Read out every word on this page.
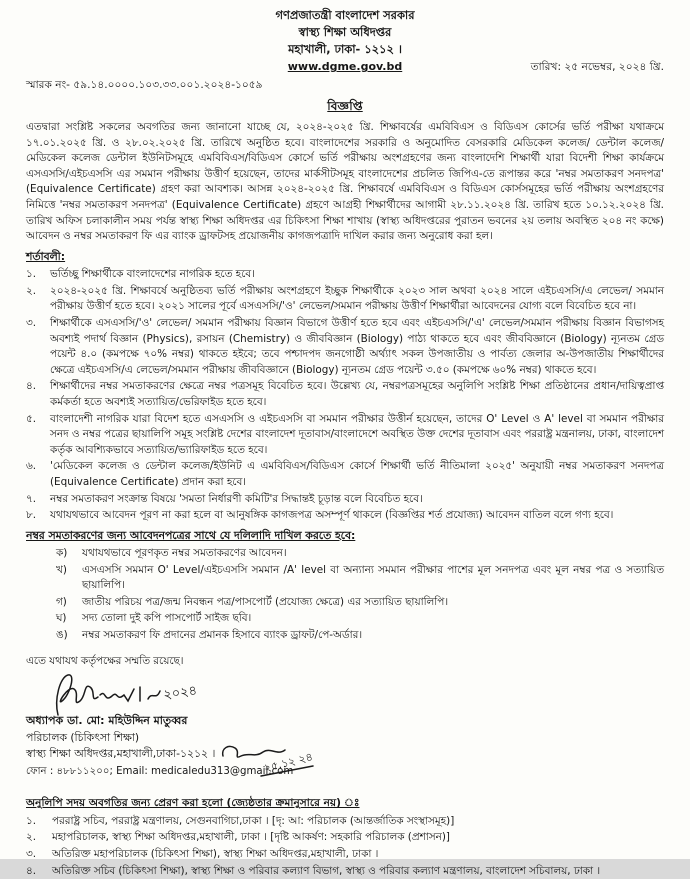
গণপ্রজাতন্ত্রী বাংলাদেশ সরকার
স্বাস্থ্য শিক্ষা অধিদপ্তর
মহাখালী, ঢাকা- ১২১২ ।
www.dgme.gov.bd	তারিখ: ২৫ নভেম্বর, ২০২৪ খ্রি.
স্মারক নং- ৫৯.১৪.০০০০.১০৩.৩৩.০০১.২০২৪-১০৫৯
বিজ্ঞপ্তি
এতদ্বারা সংশ্লিষ্ট সকলের অবগতির জন্য জানানো যাচ্ছে যে, ২০২৪-২০২৫ খ্রি. শিক্ষাবর্ষের এমবিবিএস ও বিডিএস কোর্সের ভর্তি পরীক্ষা যথাক্রমে ১৭.০১.২০২৫ খ্রি. ও ২৮.০২.২০২৫ খ্রি. তারিখে অনুষ্ঠিত হবে। বাংলাদেশের সরকারি ও অনুমোদিত বেসরকারি মেডিকেল কলেজ/ ডেন্টাল কলেজ/মেডিকেল কলেজ ডেন্টাল ইউনিটসমূহে এমবিবিএস/বিডিএস কোর্সে ভর্তি পরীক্ষায় অংশগ্রহণের জন্য বাংলাদেশি শিক্ষার্থী যারা বিদেশী শিক্ষা কার্যক্রমে এসএসসি/এইচএসসি এর সমমান পরীক্ষায় উত্তীর্ণ হয়েছেন, তাদের মার্কসীটসমূহ বাংলাদেশের প্রচলিত জিপিএ-তে রূপান্তর করে 'নম্বর সমতাকরণ সনদপত্র' (Equivalence Certificate) গ্রহণ করা আবশ্যক। আসন্ন ২০২৪-২০২৫ খ্রি. শিক্ষাবর্ষে এমবিবিএস ও বিডিএস কোর্সসমূহের ভর্তি পরীক্ষায় অংশগ্রহণের নিমিত্তে 'নম্বর সমতাকরণ সনদপত্র' (Equivalence Certificate) গ্রহণে আগ্রহী শিক্ষার্থীদের আগামী ২৮.১১.২০২৪ খ্রি. তারিখ হতে ১০.১২.২০২৪ খ্রি. তারিখ অফিস চলাকালীন সময় পর্যন্ত স্বাস্থ্য শিক্ষা অধিদপ্তর এর চিকিৎসা শিক্ষা শাখায় (স্বাস্থ্য অধিদপ্তরের পুরাতন ভবনের ২য় তলায় অবস্থিত ২০৪ নং কক্ষে) আবেদন ও নম্বর সমতাকরণ ফি এর ব্যাংক ড্রাফটসহ প্রয়োজনীয় কাগজপত্রাদি দাখিল করার জন্য অনুরোধ করা হল।
শর্তাবলী:
১.	ভর্তিচ্ছু শিক্ষার্থীকে বাংলাদেশের নাগরিক হতে হবে।
২.	২০২৪-২০২৫ খ্রি. শিক্ষাবর্ষে অনুষ্ঠিতব্য ভর্তি পরীক্ষায় অংশগ্রহণে ইচ্ছুক শিক্ষার্থীকে ২০২৩ সাল অথবা ২০২৪ সালে এইচএসসি/এ লেভেল/ সমমান পরীক্ষায় উত্তীর্ণ হতে হবে। ২০২১ সালের পূর্বে এসএসসি/'ও' লেভেল/সমমান পরীক্ষায় উত্তীর্ণ শিক্ষার্থীরা আবেদনের যোগ্য বলে বিবেচিত হবে না।
৩.	শিক্ষার্থীকে এসএসসি/'ও' লেভেল/ সমমান পরীক্ষায় বিজ্ঞান বিভাগে উত্তীর্ণ হতে হবে এবং এইচএসসি/'এ' লেভেল/সমমান পরীক্ষায় বিজ্ঞান বিভাগসহ অবশ্যই পদার্থ বিজ্ঞান (Physics), রসায়ন (Chemistry) ও জীববিজ্ঞান (Biology) পাঠ্য থাকতে হবে এবং জীববিজ্ঞানে (Biology) ন্যূনতম গ্রেড পয়েন্ট ৪.০ (কমপক্ষে ৭০% নম্বর) থাকতে হইবে; তবে পশ্চাদপদ জনগোষ্ঠী অর্থ্যাৎ সকল উপজাতীয় ও পার্বত্য জেলার অ-উপজাতীয় শিক্ষার্থীদের ক্ষেত্রে এইচএসসি/এ লেভেল/সমমান পরীক্ষায় জীববিজ্ঞানে (Biology) ন্যূনতম গ্রেড পয়েন্ট ৩.৫০ (কমপক্ষে ৬০% নম্বর) থাকতে হবে।
৪.	শিক্ষার্থীদের নম্বর সমতাকরণের ক্ষেত্রে নম্বর পত্রসমূহ বিবেচিত হবে। উল্লেখ্য যে, নম্বরপত্রসমূহের অনুলিপি সংশ্লিষ্ট শিক্ষা প্রতিষ্ঠানের প্রধান/দায়িত্বপ্রাপ্ত কর্মকর্তা হতে অবশ্যই সত্যায়িত/ভেরিফাইড হতে হবে।
৫.	বাংলাদেশী নাগরিক যারা বিদেশ হতে এসএসসি ও এইচএসসি বা সমমান পরীক্ষার উত্তীর্ন হয়েছেন, তাদের O' Level ও A' level বা সমমান পরীক্ষার সনদ ও নম্বর পত্রের ছায়ালিপি সমূহ সংশ্লিষ্ট দেশের বাংলাদেশ দূতাবাস/বাংলাদেশে অবস্থিত উক্ত দেশের দূতাবাস এবং পররাষ্ট্র মন্ত্রনালয়, ঢাকা, বাংলাদেশ কর্তৃক আবশ্যিকভাবে সত্যায়িত/ভ্যারিফাইড হতে হবে।
৬.	'মেডিকেল কলেজ ও ডেন্টাল কলেজ/ইউনিট এ এমবিবিএস/বিডিএস কোর্সে শিক্ষার্থী ভর্তি নীতিমালা ২০২৫' অনুযায়ী নম্বর সমতাকরণ সনদপত্র (Equivalence Certificate) প্রদান করা হবে।
৭.	নম্বর সমতাকরণ সংক্রান্ত বিষয়ে 'সমতা নির্ধারণী কমিটি'র সিদ্ধান্তই চূড়ান্ত বলে বিবেচিত হবে।
৮.	যথাযথভাবে আবেদন পূরণ না করা হলে বা আনুষঙ্গিক কাগজপত্র অসম্পূর্ণ থাকলে (বিজ্ঞপ্তির শর্ত প্রযোজ্য) আবেদন বাতিল বলে গণ্য হবে।
নম্বর সমতাকরণের জন্য আবেদনপত্রের সাথে যে দলিলাদি দাখিল করতে হবে:
ক)	যথাযথভাবে পূরণকৃত নম্বর সমতাকরণের আবেদন।
খ)	এসএসসি সমমান O' Level/এইচএসসি সমমান /A' level বা অন্যান্য সমমান পরীক্ষার পাশের মূল সনদপত্র এবং মূল নম্বর পত্র ও সত্যায়িত ছায়ালিপি।
গ)	জাতীয় পরিচয় পত্র/জন্ম নিবন্ধন পত্র/পাসপোর্ট (প্রযোজ্য ক্ষেত্রে) এর সত্যায়িত ছায়ালিপি।
ঘ)	সদ্য তোলা দুই কপি পাসপোর্ট সাইজ ছবি।
ঙ)	নম্বর সমতাকরণ ফি প্রদানের প্রমানক হিসাবে ব্যাংক ড্রাফট/পে-অর্ডার।
এতে যথাযথ কর্তৃপক্ষের সম্মতি রয়েছে।
২০২৪
অধ্যাপক ডা. মো: মহিউদ্দিন মাতুব্বর
পরিচালক (চিকিৎসা শিক্ষা)
স্বাস্থ্য শিক্ষা অধিদপ্তর,মহাখালী,ঢাকা-১২১২ ।
ফোন : ৪৮৮১১২০০; Email: medicaledu313@gmail.com
২৫.১২ ২৪
অনুলিপি সদয় অবগতির জন্য প্রেরণ করা হলো (জ্যেষ্ঠতার ক্রমানুসারে নয়) ঃ
১.	পররাষ্ট্র সচিব, পররাষ্ট্র মন্ত্রণালয়, সেগুনবাগিচা,ঢাকা । [দৃ: আ: পরিচালক (আন্তর্জাতিক সংস্থাসমূহ)]
২.	মহাপরিচালক, স্বাস্থ্য শিক্ষা অধিদপ্তর,মহাখালী, ঢাকা । [দৃষ্টি আকর্ষণ: সহকারি পরিচালক (প্রশাসন)]
৩.	অতিরিক্ত মহাপরিচালক (চিকিৎসা শিক্ষা), স্বাস্থ্য শিক্ষা অধিদপ্তর,মহাখালী, ঢাকা ।
৪.	অতিরিক্ত সচিব (চিকিৎসা শিক্ষা), স্বাস্থ্য শিক্ষা ও পরিবার কল্যাণ বিভাগ, স্বাস্থ্য ও পরিবার কল্যাণ মন্ত্রণালয়, বাংলাদেশ সচিবালয়, ঢাকা ।
